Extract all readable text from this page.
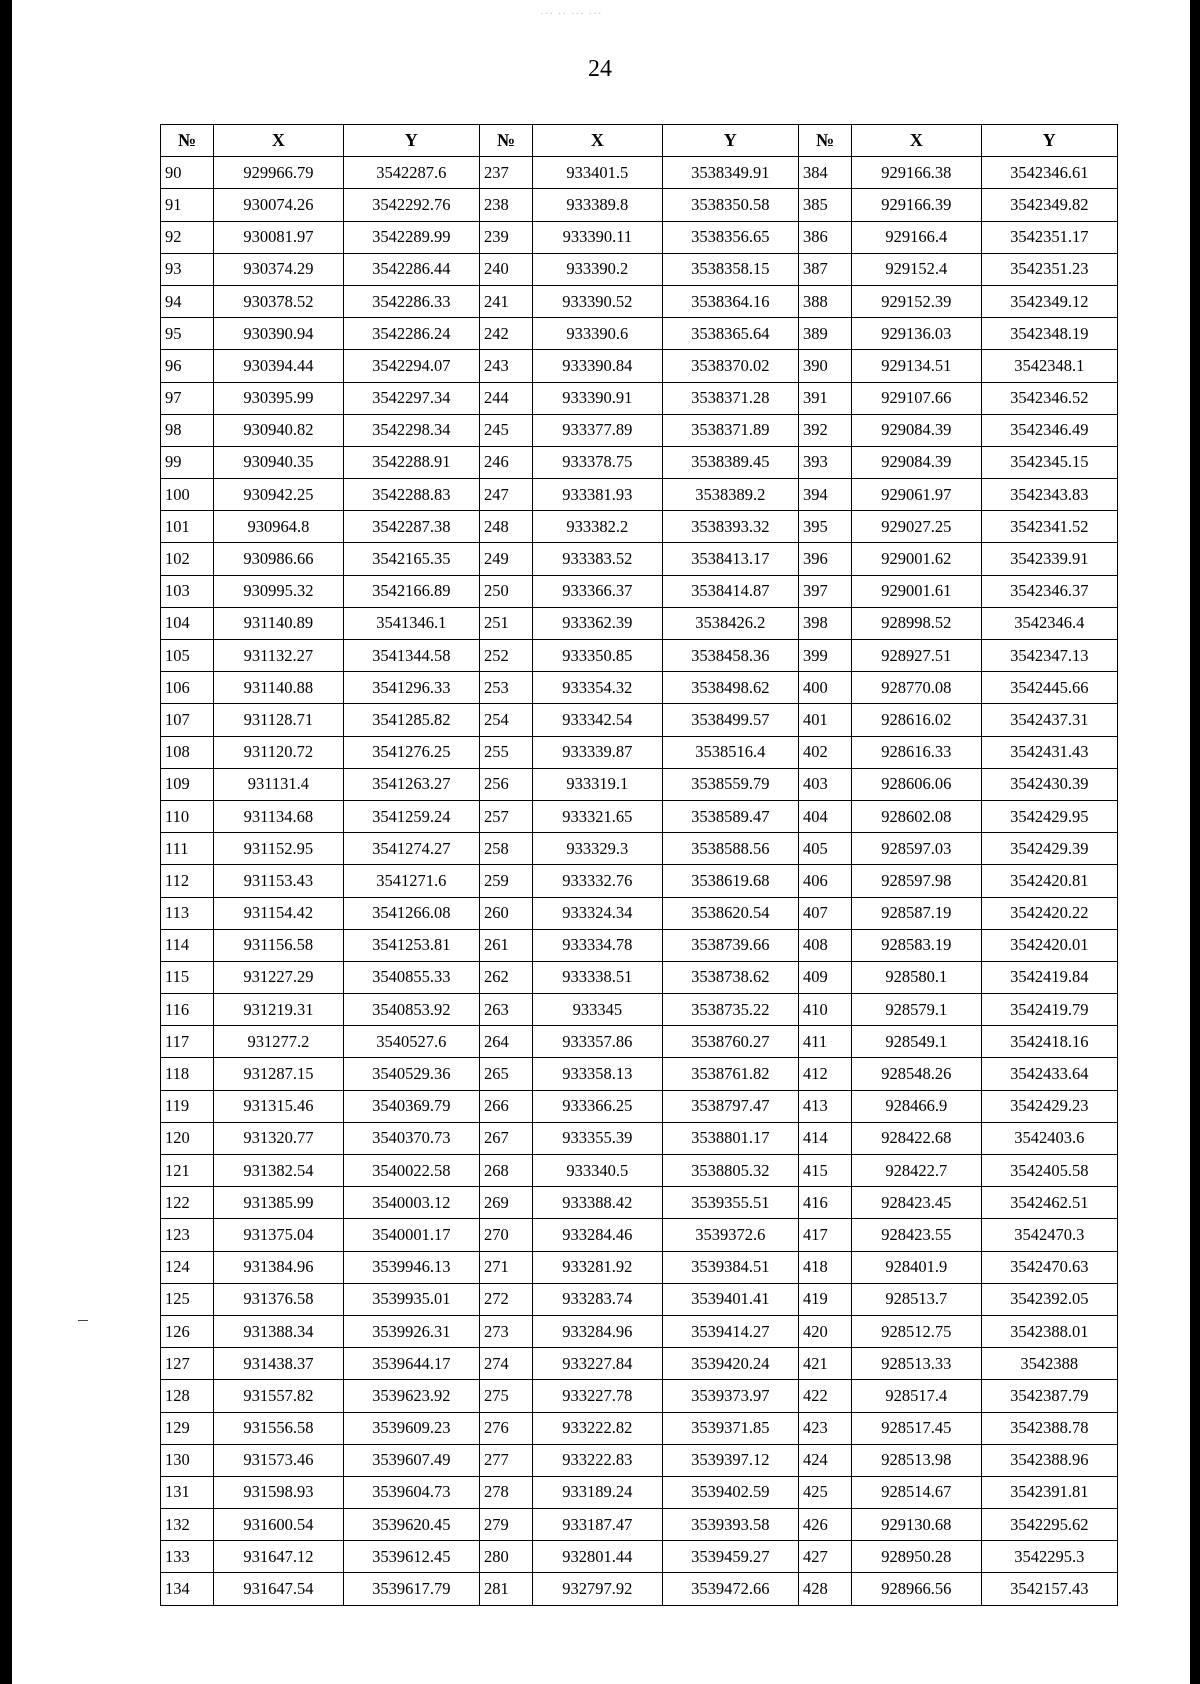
··· ·· ··· ···
24
№	X	Y	№	X	Y	№	X	Y
90	929966.79	3542287.6	237	933401.5	3538349.91	384	929166.38	3542346.61
91	930074.26	3542292.76	238	933389.8	3538350.58	385	929166.39	3542349.82
92	930081.97	3542289.99	239	933390.11	3538356.65	386	929166.4	3542351.17
93	930374.29	3542286.44	240	933390.2	3538358.15	387	929152.4	3542351.23
94	930378.52	3542286.33	241	933390.52	3538364.16	388	929152.39	3542349.12
95	930390.94	3542286.24	242	933390.6	3538365.64	389	929136.03	3542348.19
96	930394.44	3542294.07	243	933390.84	3538370.02	390	929134.51	3542348.1
97	930395.99	3542297.34	244	933390.91	3538371.28	391	929107.66	3542346.52
98	930940.82	3542298.34	245	933377.89	3538371.89	392	929084.39	3542346.49
99	930940.35	3542288.91	246	933378.75	3538389.45	393	929084.39	3542345.15
100	930942.25	3542288.83	247	933381.93	3538389.2	394	929061.97	3542343.83
101	930964.8	3542287.38	248	933382.2	3538393.32	395	929027.25	3542341.52
102	930986.66	3542165.35	249	933383.52	3538413.17	396	929001.62	3542339.91
103	930995.32	3542166.89	250	933366.37	3538414.87	397	929001.61	3542346.37
104	931140.89	3541346.1	251	933362.39	3538426.2	398	928998.52	3542346.4
105	931132.27	3541344.58	252	933350.85	3538458.36	399	928927.51	3542347.13
106	931140.88	3541296.33	253	933354.32	3538498.62	400	928770.08	3542445.66
107	931128.71	3541285.82	254	933342.54	3538499.57	401	928616.02	3542437.31
108	931120.72	3541276.25	255	933339.87	3538516.4	402	928616.33	3542431.43
109	931131.4	3541263.27	256	933319.1	3538559.79	403	928606.06	3542430.39
110	931134.68	3541259.24	257	933321.65	3538589.47	404	928602.08	3542429.95
111	931152.95	3541274.27	258	933329.3	3538588.56	405	928597.03	3542429.39
112	931153.43	3541271.6	259	933332.76	3538619.68	406	928597.98	3542420.81
113	931154.42	3541266.08	260	933324.34	3538620.54	407	928587.19	3542420.22
114	931156.58	3541253.81	261	933334.78	3538739.66	408	928583.19	3542420.01
115	931227.29	3540855.33	262	933338.51	3538738.62	409	928580.1	3542419.84
116	931219.31	3540853.92	263	933345	3538735.22	410	928579.1	3542419.79
117	931277.2	3540527.6	264	933357.86	3538760.27	411	928549.1	3542418.16
118	931287.15	3540529.36	265	933358.13	3538761.82	412	928548.26	3542433.64
119	931315.46	3540369.79	266	933366.25	3538797.47	413	928466.9	3542429.23
120	931320.77	3540370.73	267	933355.39	3538801.17	414	928422.68	3542403.6
121	931382.54	3540022.58	268	933340.5	3538805.32	415	928422.7	3542405.58
122	931385.99	3540003.12	269	933388.42	3539355.51	416	928423.45	3542462.51
123	931375.04	3540001.17	270	933284.46	3539372.6	417	928423.55	3542470.3
124	931384.96	3539946.13	271	933281.92	3539384.51	418	928401.9	3542470.63
125	931376.58	3539935.01	272	933283.74	3539401.41	419	928513.7	3542392.05
126	931388.34	3539926.31	273	933284.96	3539414.27	420	928512.75	3542388.01
127	931438.37	3539644.17	274	933227.84	3539420.24	421	928513.33	3542388
128	931557.82	3539623.92	275	933227.78	3539373.97	422	928517.4	3542387.79
129	931556.58	3539609.23	276	933222.82	3539371.85	423	928517.45	3542388.78
130	931573.46	3539607.49	277	933222.83	3539397.12	424	928513.98	3542388.96
131	931598.93	3539604.73	278	933189.24	3539402.59	425	928514.67	3542391.81
132	931600.54	3539620.45	279	933187.47	3539393.58	426	929130.68	3542295.62
133	931647.12	3539612.45	280	932801.44	3539459.27	427	928950.28	3542295.3
134	931647.54	3539617.79	281	932797.92	3539472.66	428	928966.56	3542157.43
